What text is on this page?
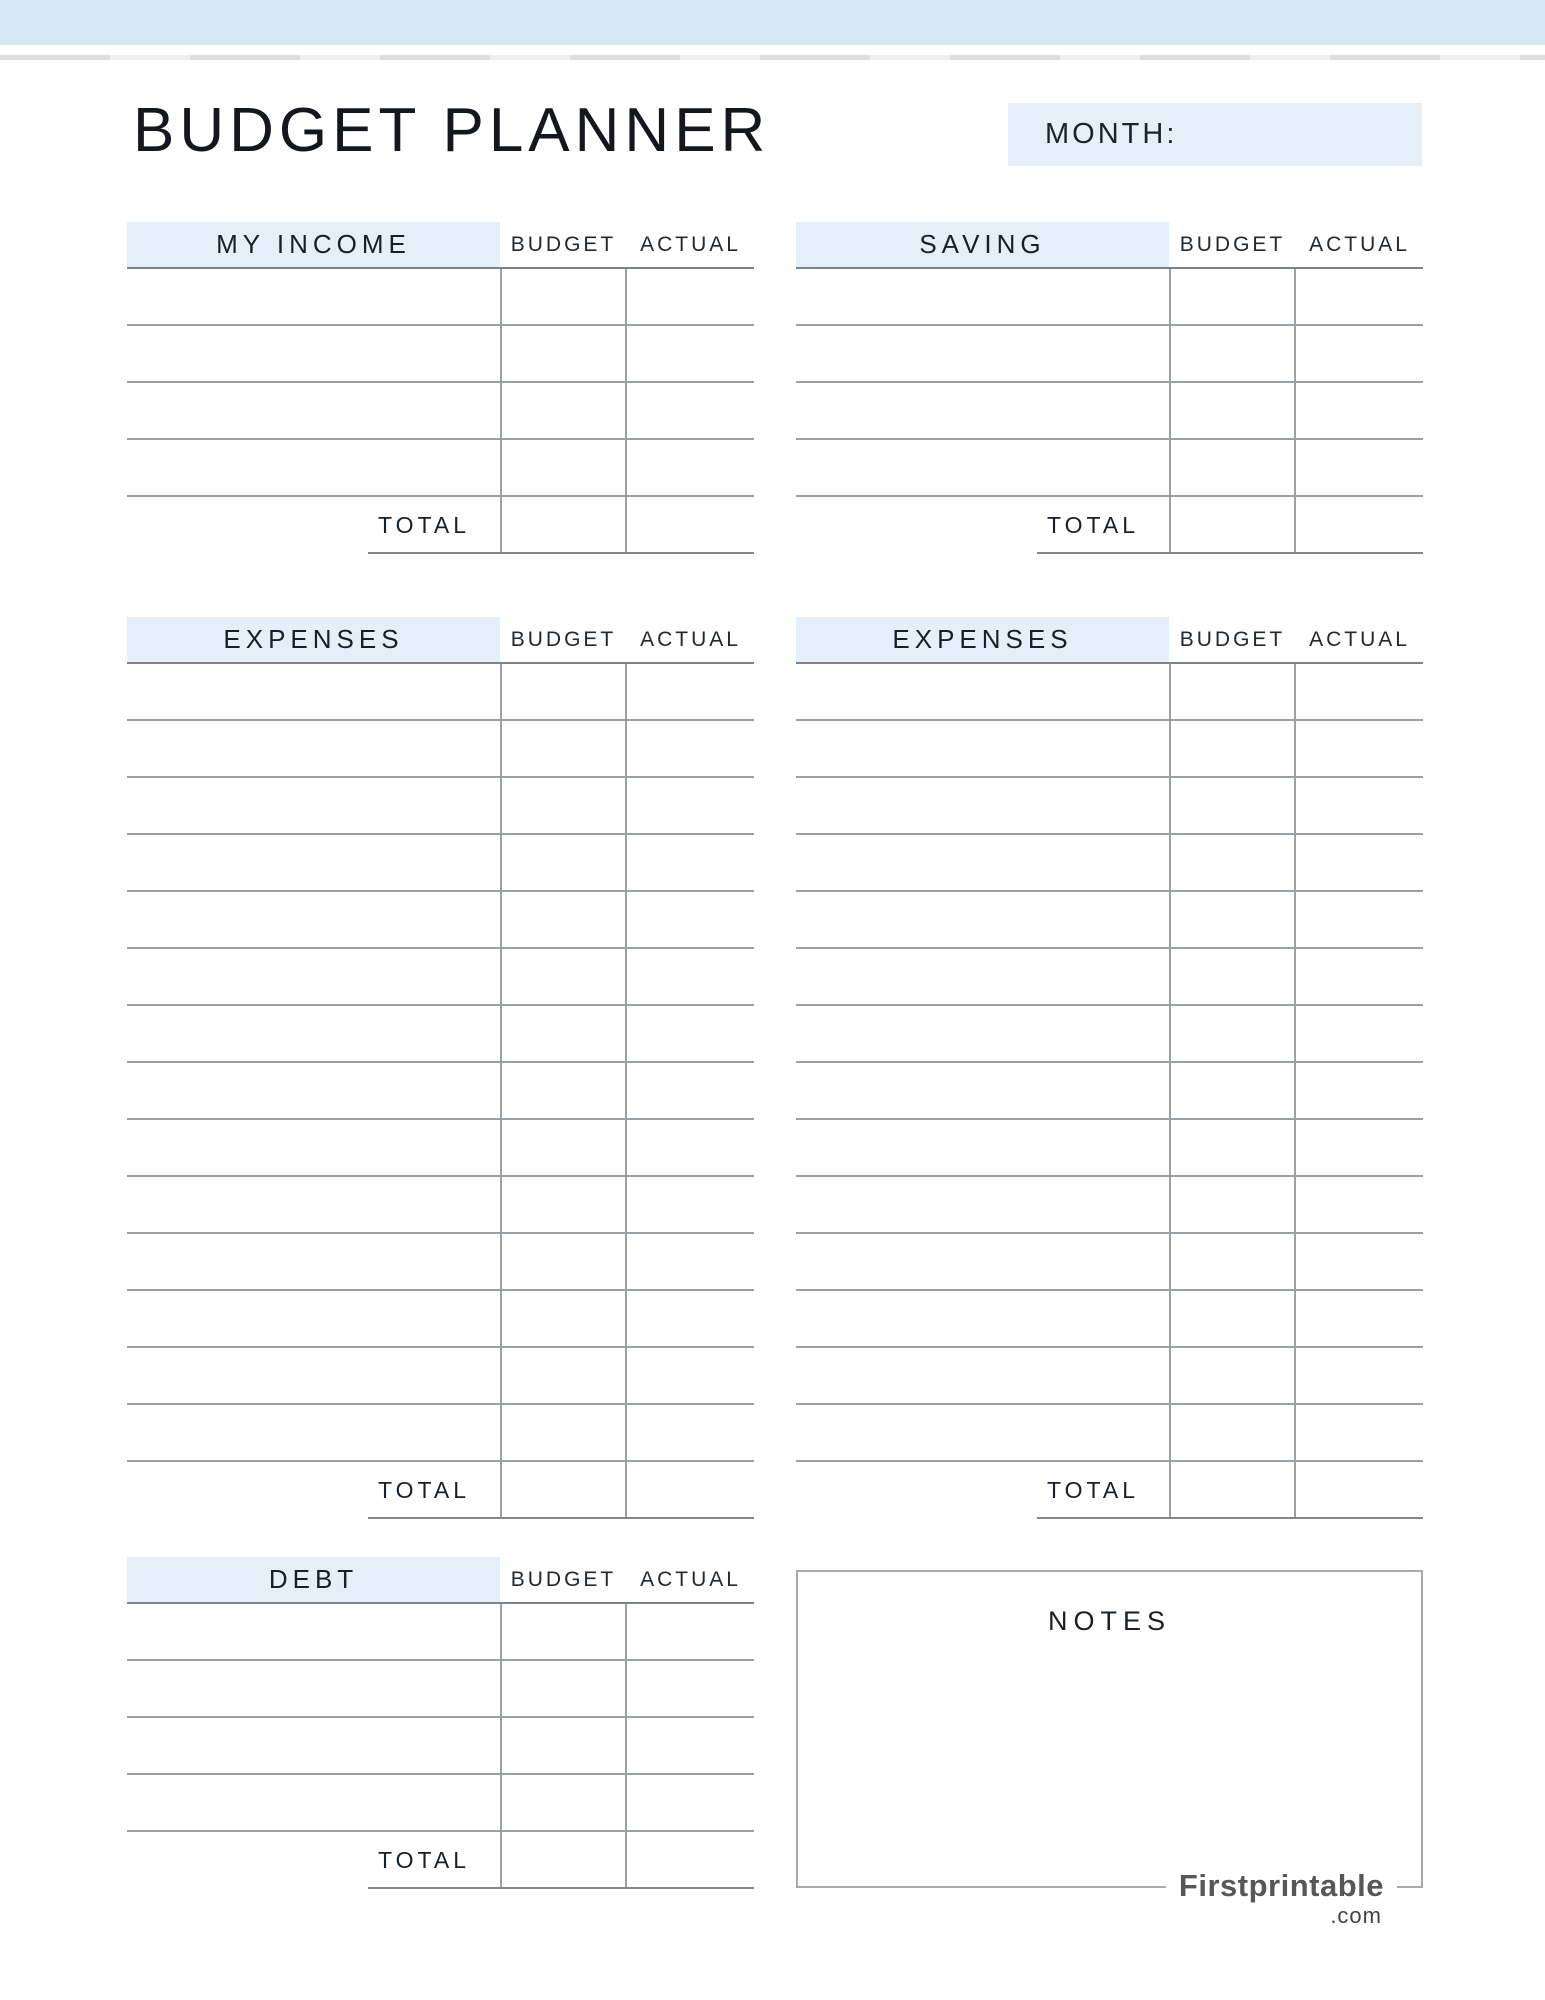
BUDGET PLANNER	MONTH:
MY INCOME	BUDGET	ACTUAL
TOTAL
EXPENSES	BUDGET	ACTUAL
TOTAL
DEBT	BUDGET	ACTUAL
TOTAL
SAVING	BUDGET	ACTUAL
TOTAL
EXPENSES	BUDGET	ACTUAL
TOTAL
NOTES
Firstprintable
.com
